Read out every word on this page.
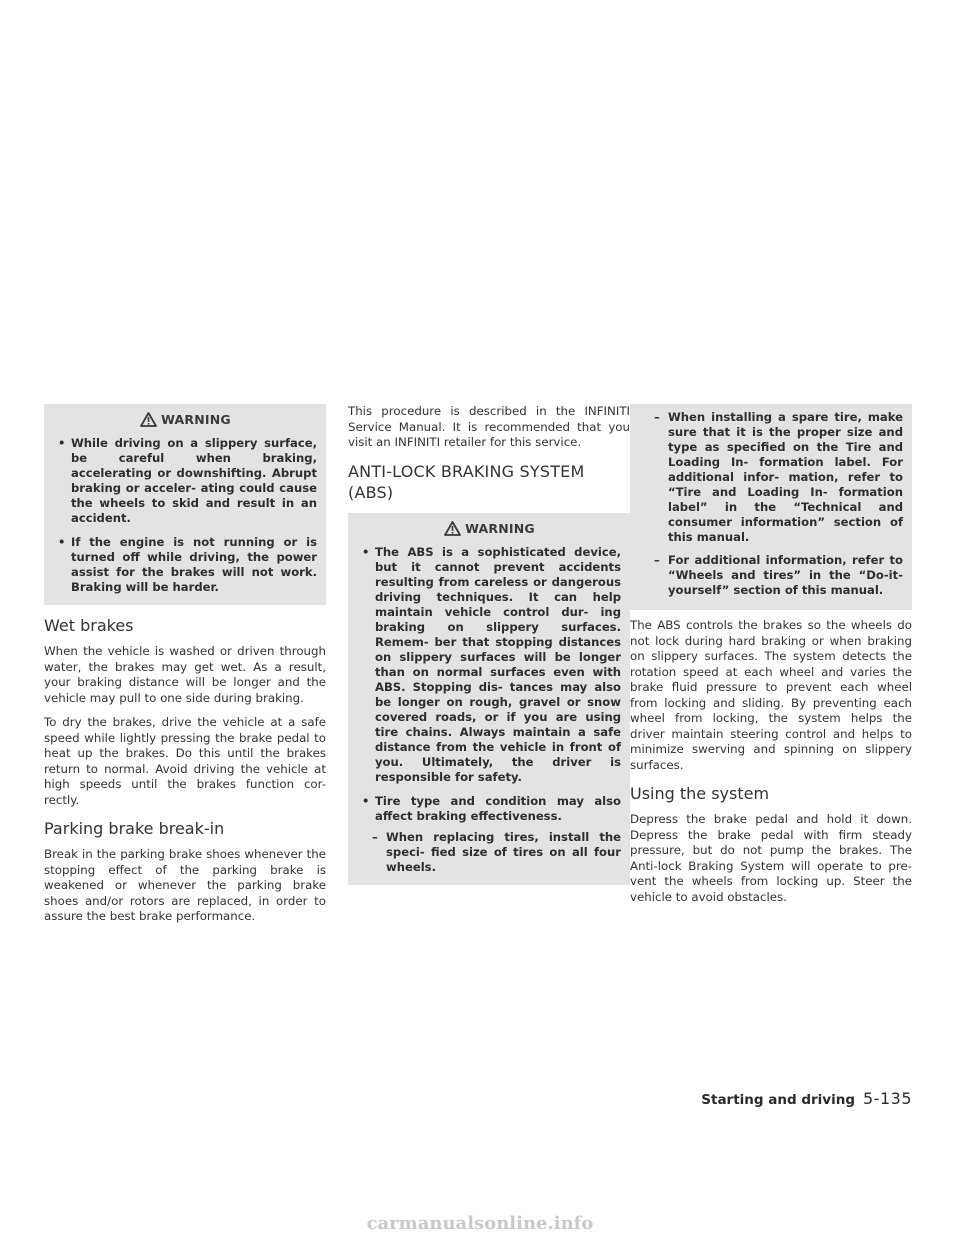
WARNING
• While driving on a slippery surface, be careful when braking, accelerating or downshifting. Abrupt braking or acceler- ating could cause the wheels to skid and result in an accident.
• If the engine is not running or is turned off while driving, the power assist for the brakes will not work. Braking will be harder.
Wet brakes

When the vehicle is washed or driven through water, the brakes may get wet. As a result, your braking distance will be longer and the vehicle may pull to one side during braking.

To dry the brakes, drive the vehicle at a safe speed while lightly pressing the brake pedal to heat up the brakes. Do this until the brakes return to normal. Avoid driving the vehicle at high speeds until the brakes function cor- rectly.

Parking brake break-in

Break in the parking brake shoes whenever the stopping effect of the parking brake is weakened or whenever the parking brake shoes and/or rotors are replaced, in order to assure the best brake performance.

This procedure is described in the INFINITI Service Manual. It is recommended that you visit an INFINITI retailer for this service.

ANTI-LOCK BRAKING SYSTEM (ABS)
WARNING
• The ABS is a sophisticated device, but it cannot prevent accidents resulting from careless or dangerous driving techniques. It can help maintain vehicle control dur- ing braking on slippery surfaces. Remem- ber that stopping distances on slippery surfaces will be longer than on normal surfaces even with ABS. Stopping dis- tances may also be longer on rough, gravel or snow covered roads, or if you are using tire chains. Always maintain a safe distance from the vehicle in front of you. Ultimately, the driver is responsible for safety.
• Tire type and condition may also affect braking effectiveness.
– When replacing tires, install the speci- fied size of tires on all four wheels.
– When installing a spare tire, make sure that it is the proper size and type as specified on the Tire and Loading In- formation label. For additional infor- mation, refer to “Tire and Loading In- formation label” in the “Technical and consumer information” section of this manual.
– For additional information, refer to “Wheels and tires” in the “Do-it- yourself” section of this manual.

The ABS controls the brakes so the wheels do not lock during hard braking or when braking on slippery surfaces. The system detects the rotation speed at each wheel and varies the brake fluid pressure to prevent each wheel from locking and sliding. By preventing each wheel from locking, the system helps the driver maintain steering control and helps to minimize swerving and spinning on slippery surfaces.

Using the system

Depress the brake pedal and hold it down. Depress the brake pedal with firm steady pressure, but do not pump the brakes. The Anti-lock Braking System will operate to pre- vent the wheels from locking up. Steer the vehicle to avoid obstacles.

Starting and driving 5-135
carmanualsonline.info
